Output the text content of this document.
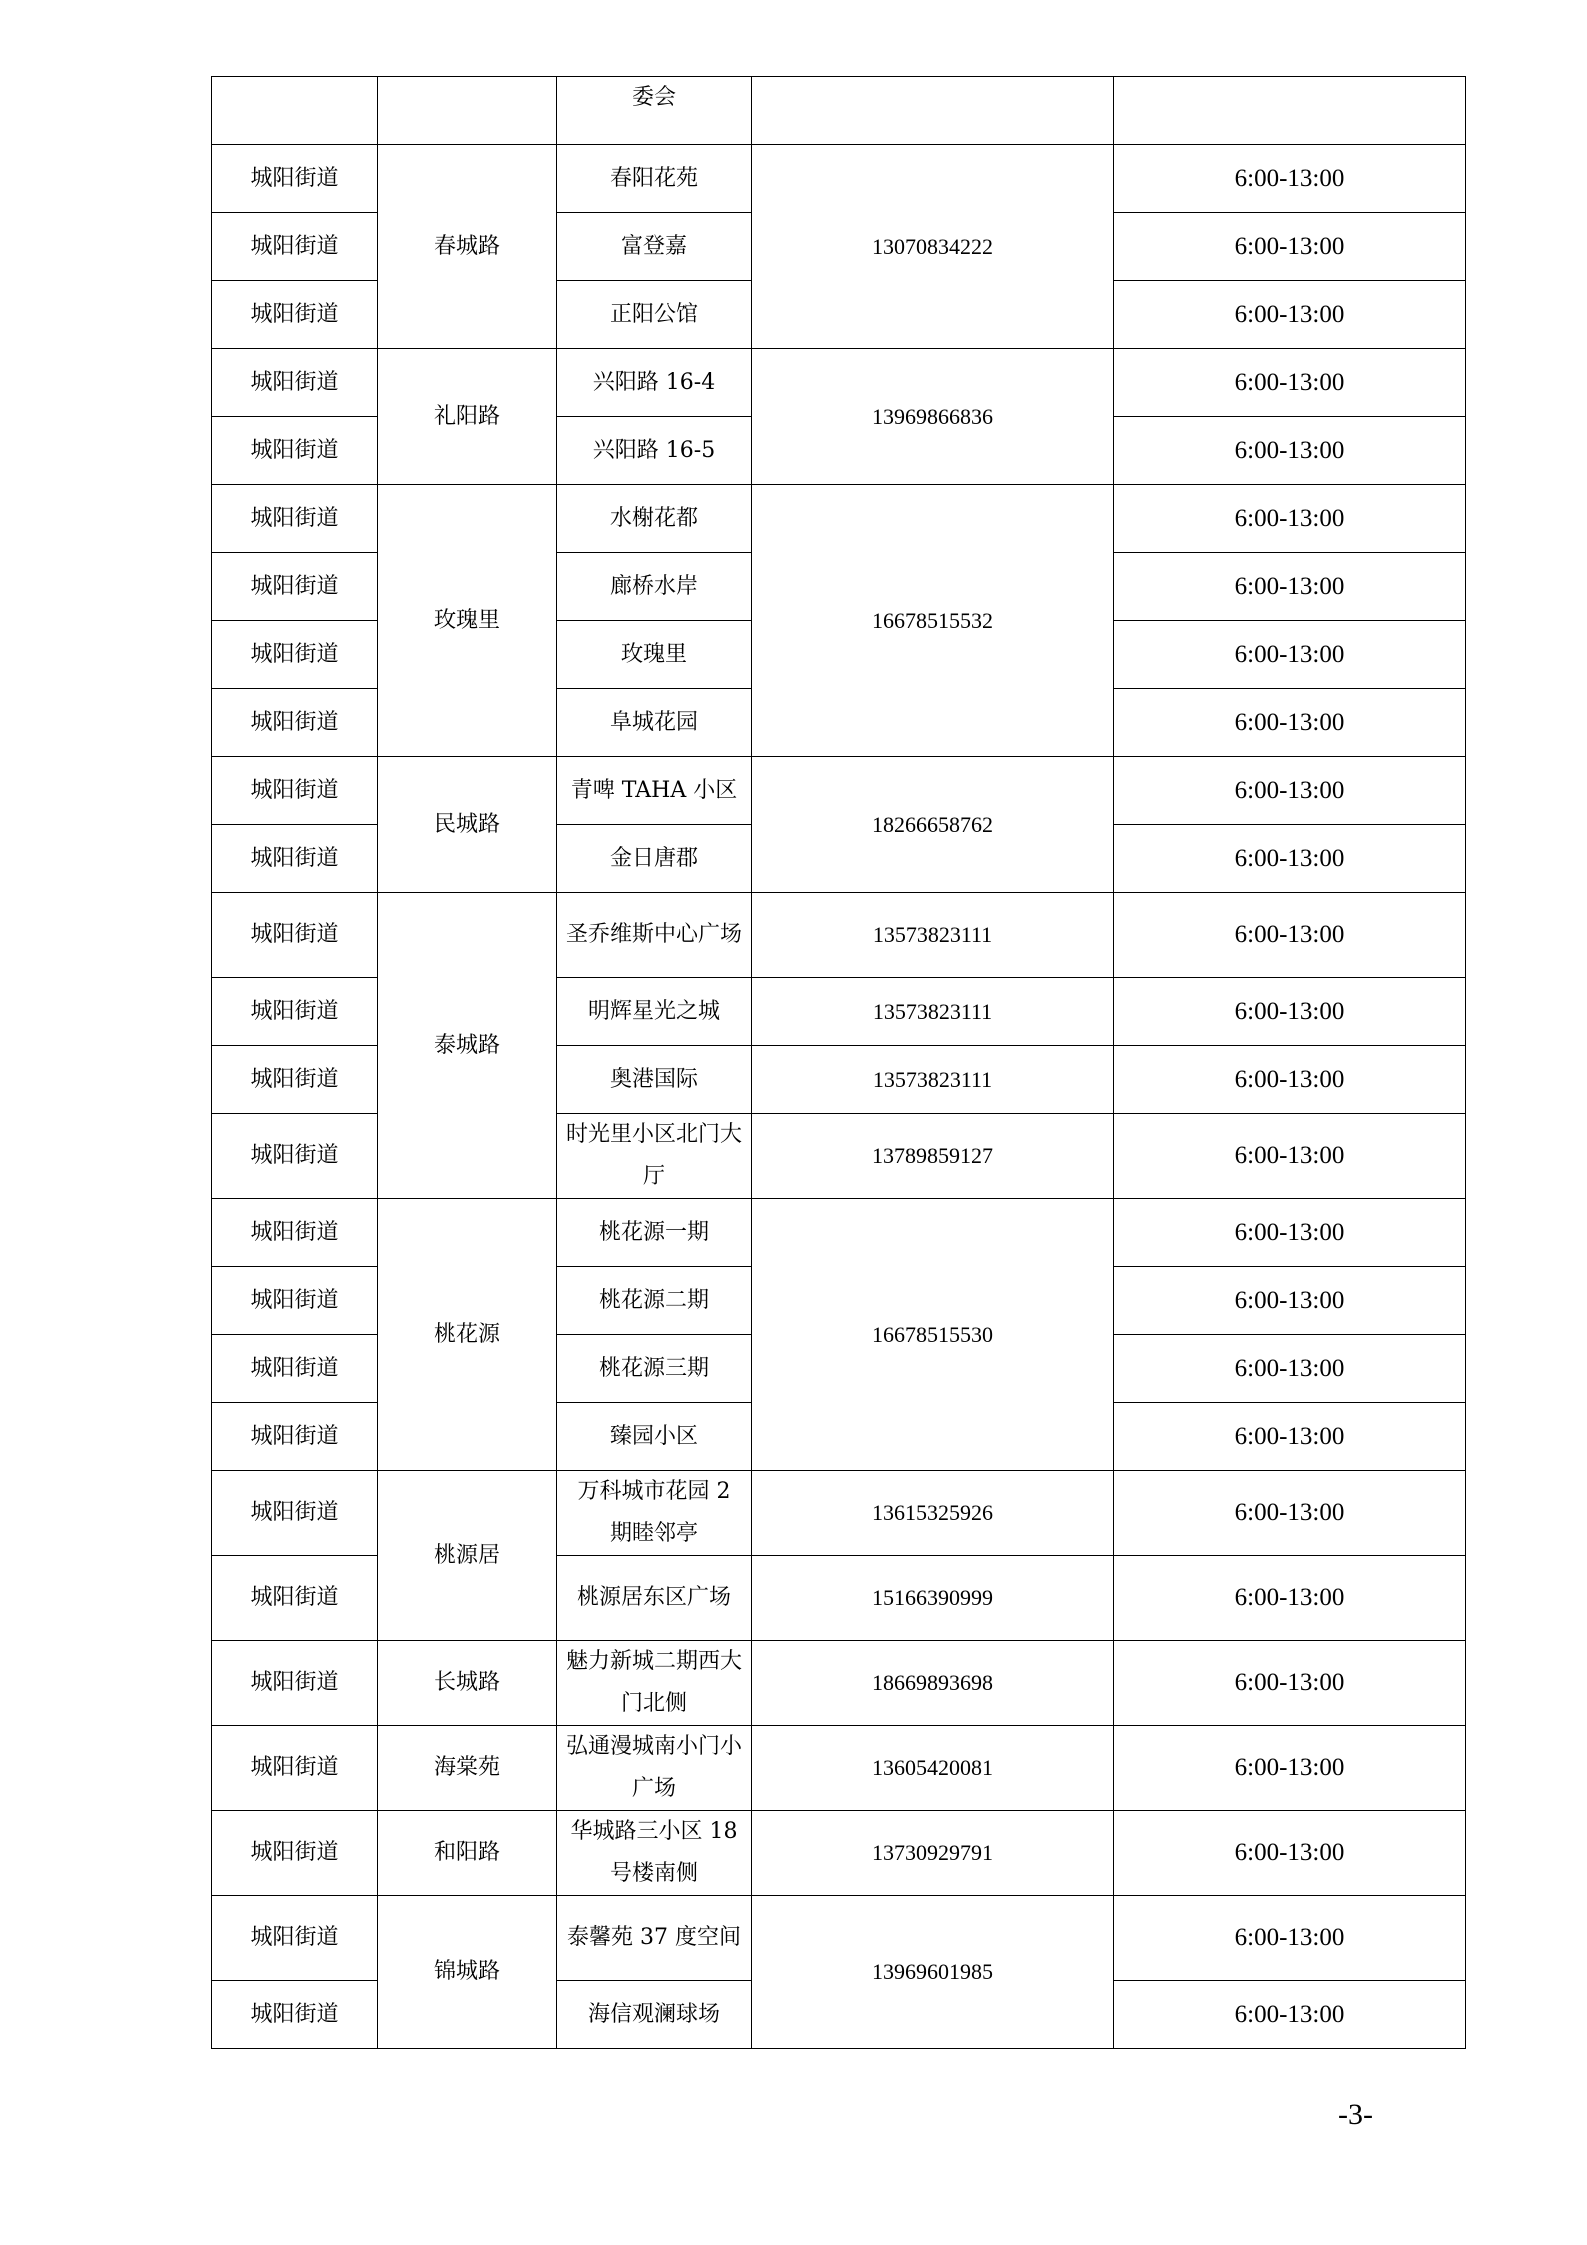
		委会		
城阳街道	春城路	春阳花苑	13070834222	6:00-13:00
城阳街道		富登嘉		6:00-13:00
城阳街道		正阳公馆		6:00-13:00
城阳街道	礼阳路	兴阳路 16-4	13969866836	6:00-13:00
城阳街道		兴阳路 16-5		6:00-13:00
城阳街道	玫瑰里	水榭花都	16678515532	6:00-13:00
城阳街道		廊桥水岸		6:00-13:00
城阳街道		玫瑰里		6:00-13:00
城阳街道		阜城花园		6:00-13:00
城阳街道	民城路	青啤 TAHA 小区	18266658762	6:00-13:00
城阳街道		金日唐郡		6:00-13:00
城阳街道	泰城路	圣乔维斯中心广场	13573823111	6:00-13:00
城阳街道		明辉星光之城	13573823111	6:00-13:00
城阳街道		奥港国际	13573823111	6:00-13:00
城阳街道		时光里小区北门大厅	13789859127	6:00-13:00
城阳街道	桃花源	桃花源一期	16678515530	6:00-13:00
城阳街道		桃花源二期		6:00-13:00
城阳街道		桃花源三期		6:00-13:00
城阳街道		臻园小区		6:00-13:00
城阳街道	桃源居	万科城市花园 2 期睦邻亭	13615325926	6:00-13:00
城阳街道		桃源居东区广场	15166390999	6:00-13:00
城阳街道	长城路	魅力新城二期西大门北侧	18669893698	6:00-13:00
城阳街道	海棠苑	弘通漫城南小门小广场	13605420081	6:00-13:00
城阳街道	和阳路	华城路三小区 18 号楼南侧	13730929791	6:00-13:00
城阳街道	锦城路	泰馨苑 37 度空间	13969601985	6:00-13:00
城阳街道		海信观澜球场		6:00-13:00
-3-
